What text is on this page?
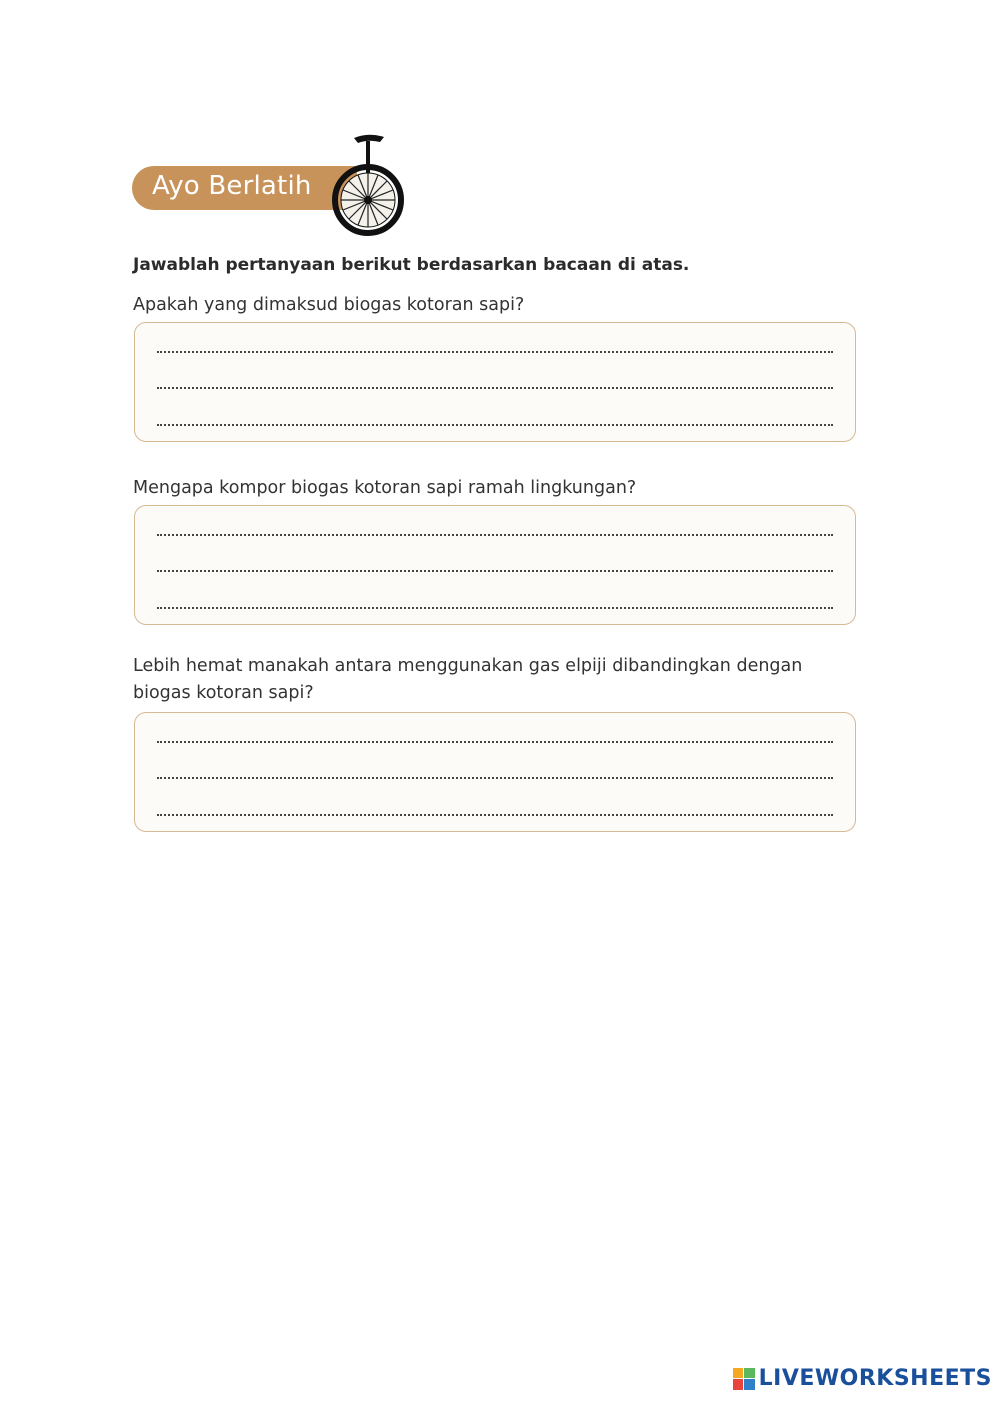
Ayo Berlatih
Jawablah pertanyaan berikut berdasarkan bacaan di atas.
Apakah yang dimaksud biogas kotoran sapi?
Mengapa kompor biogas kotoran sapi ramah lingkungan?
Lebih hemat manakah antara menggunakan gas elpiji dibandingkan dengan biogas kotoran sapi?
LIVEWORKSHEETS
